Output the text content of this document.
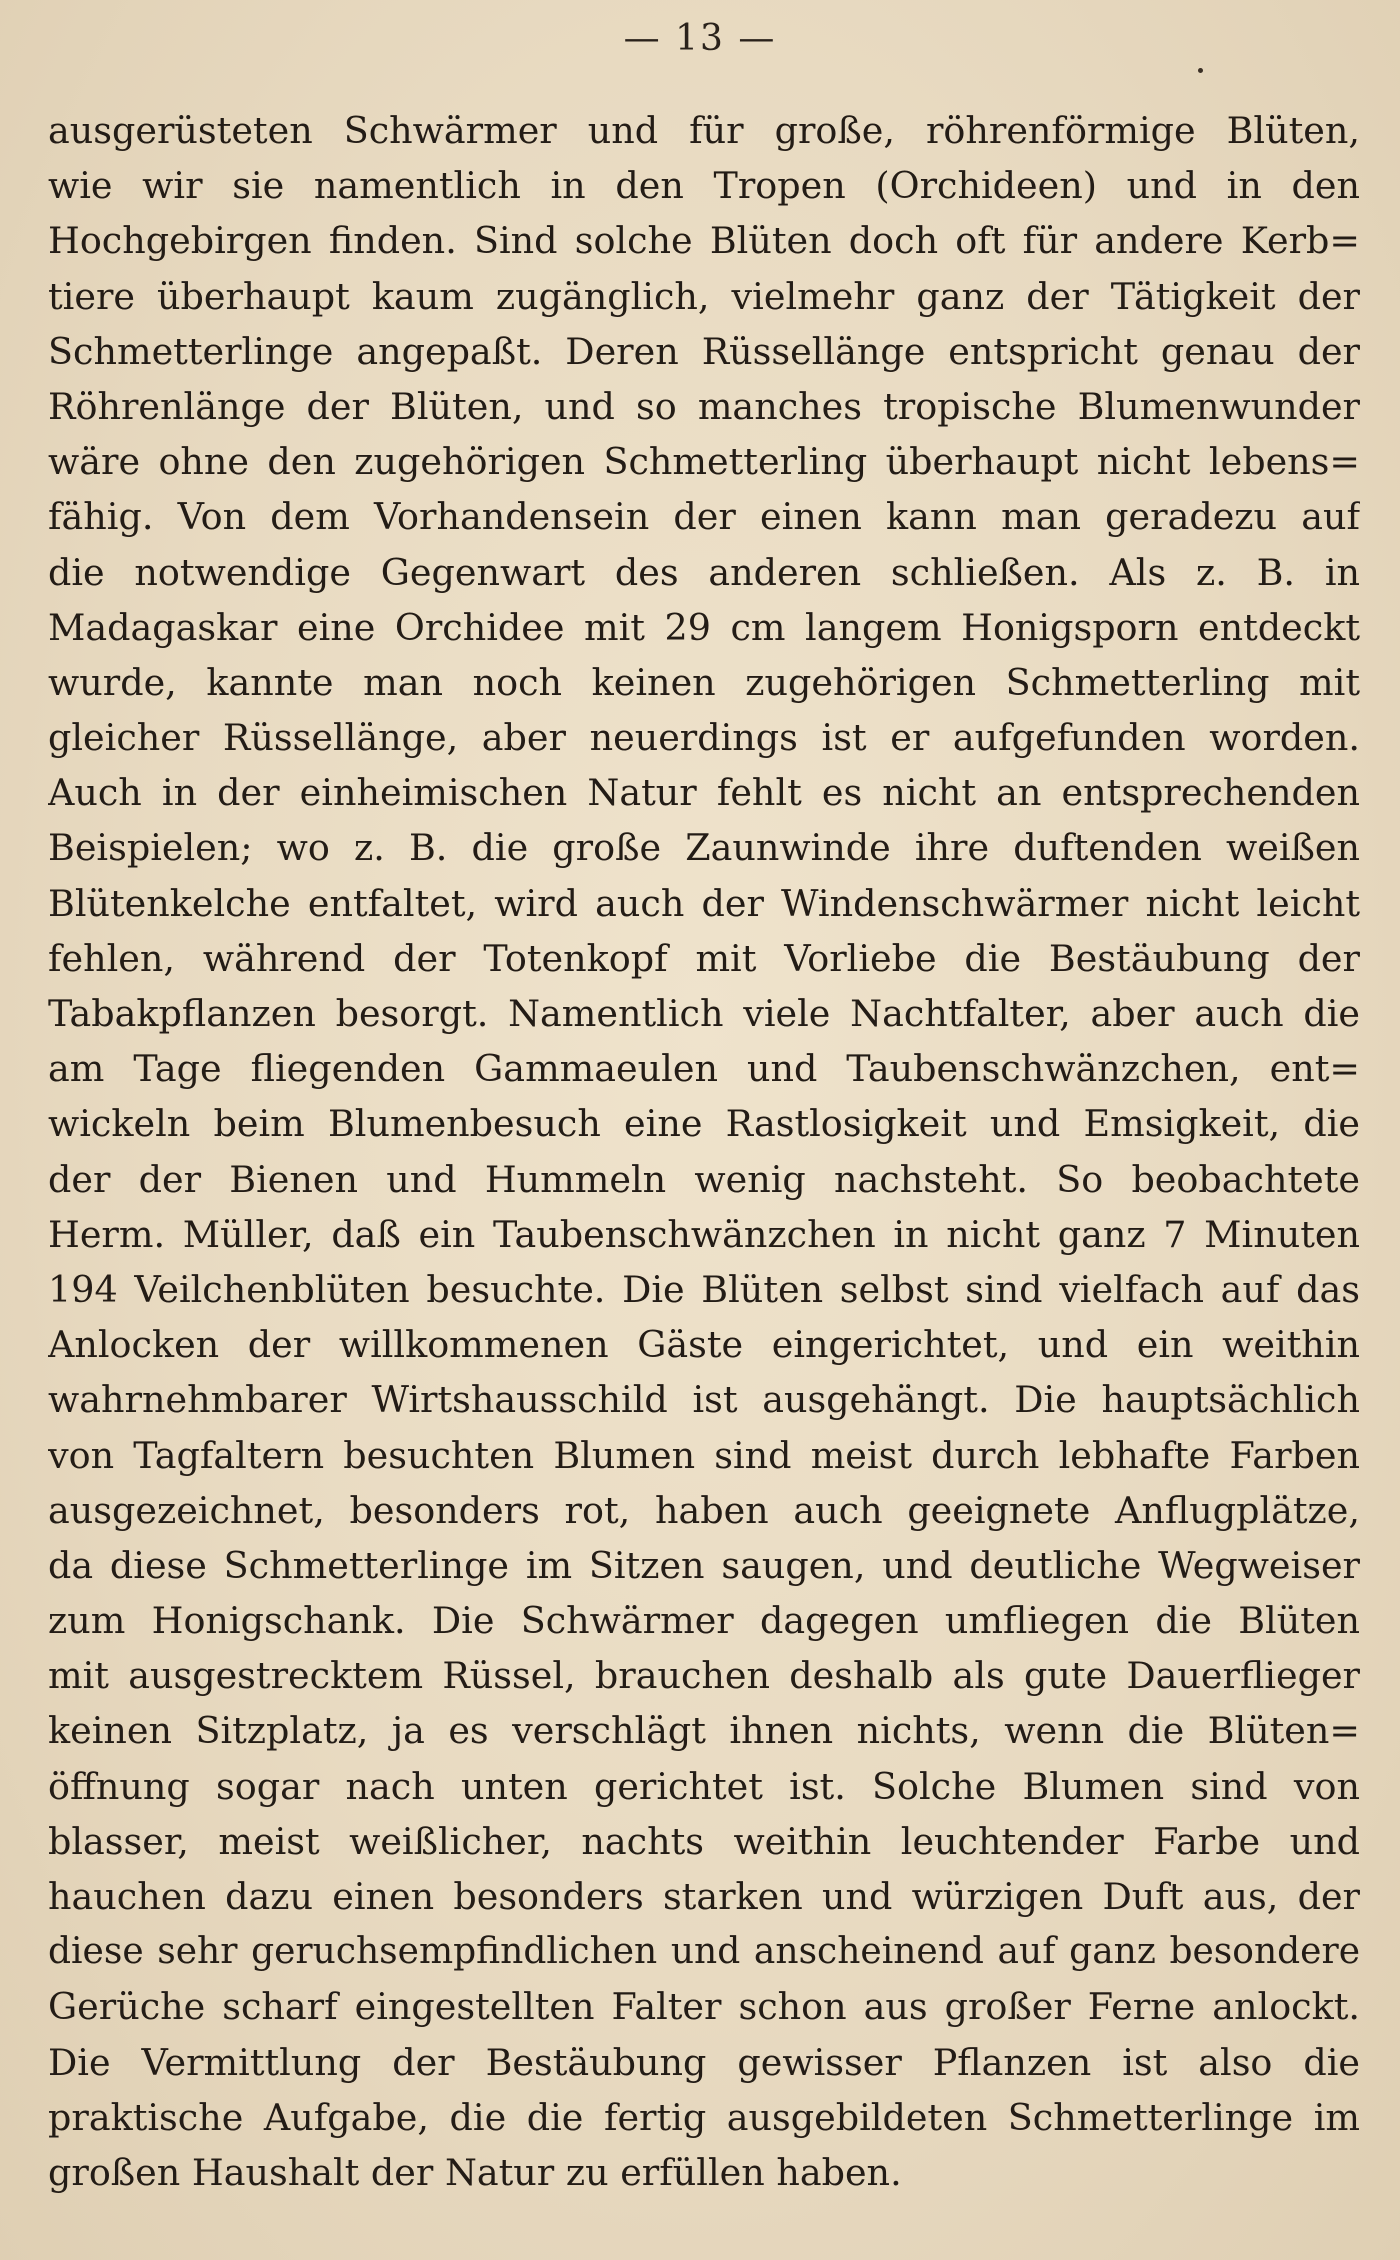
— 13 —
ausgerüsteten Schwärmer und für große, röhrenförmige Blüten,
wie wir sie namentlich in den Tropen (Orchideen) und in den
Hochgebirgen finden. Sind solche Blüten doch oft für andere Kerb=
tiere überhaupt kaum zugänglich, vielmehr ganz der Tätigkeit der
Schmetterlinge angepaßt. Deren Rüssellänge entspricht genau der
Röhrenlänge der Blüten, und so manches tropische Blumenwunder
wäre ohne den zugehörigen Schmetterling überhaupt nicht lebens=
fähig. Von dem Vorhandensein der einen kann man geradezu auf
die notwendige Gegenwart des anderen schließen. Als z. B. in
Madagaskar eine Orchidee mit 29 cm langem Honigsporn entdeckt
wurde, kannte man noch keinen zugehörigen Schmetterling mit
gleicher Rüssellänge, aber neuerdings ist er aufgefunden worden.
Auch in der einheimischen Natur fehlt es nicht an entsprechenden
Beispielen; wo z. B. die große Zaunwinde ihre duftenden weißen
Blütenkelche entfaltet, wird auch der Windenschwärmer nicht leicht
fehlen, während der Totenkopf mit Vorliebe die Bestäubung der
Tabakpflanzen besorgt. Namentlich viele Nachtfalter, aber auch die
am Tage fliegenden Gammaeulen und Taubenschwänzchen, ent=
wickeln beim Blumenbesuch eine Rastlosigkeit und Emsigkeit, die
der der Bienen und Hummeln wenig nachsteht. So beobachtete
Herm. Müller, daß ein Taubenschwänzchen in nicht ganz 7 Minuten
194 Veilchenblüten besuchte. Die Blüten selbst sind vielfach auf das
Anlocken der willkommenen Gäste eingerichtet, und ein weithin
wahrnehmbarer Wirtshausschild ist ausgehängt. Die hauptsächlich
von Tagfaltern besuchten Blumen sind meist durch lebhafte Farben
ausgezeichnet, besonders rot, haben auch geeignete Anflugplätze,
da diese Schmetterlinge im Sitzen saugen, und deutliche Wegweiser
zum Honigschank. Die Schwärmer dagegen umfliegen die Blüten
mit ausgestrecktem Rüssel, brauchen deshalb als gute Dauerflieger
keinen Sitzplatz, ja es verschlägt ihnen nichts, wenn die Blüten=
öffnung sogar nach unten gerichtet ist. Solche Blumen sind von
blasser, meist weißlicher, nachts weithin leuchtender Farbe und
hauchen dazu einen besonders starken und würzigen Duft aus, der
diese sehr geruchsempfindlichen und anscheinend auf ganz besondere
Gerüche scharf eingestellten Falter schon aus großer Ferne anlockt.
Die Vermittlung der Bestäubung gewisser Pflanzen ist also die
praktische Aufgabe, die die fertig ausgebildeten Schmetterlinge im
großen Haushalt der Natur zu erfüllen haben.
